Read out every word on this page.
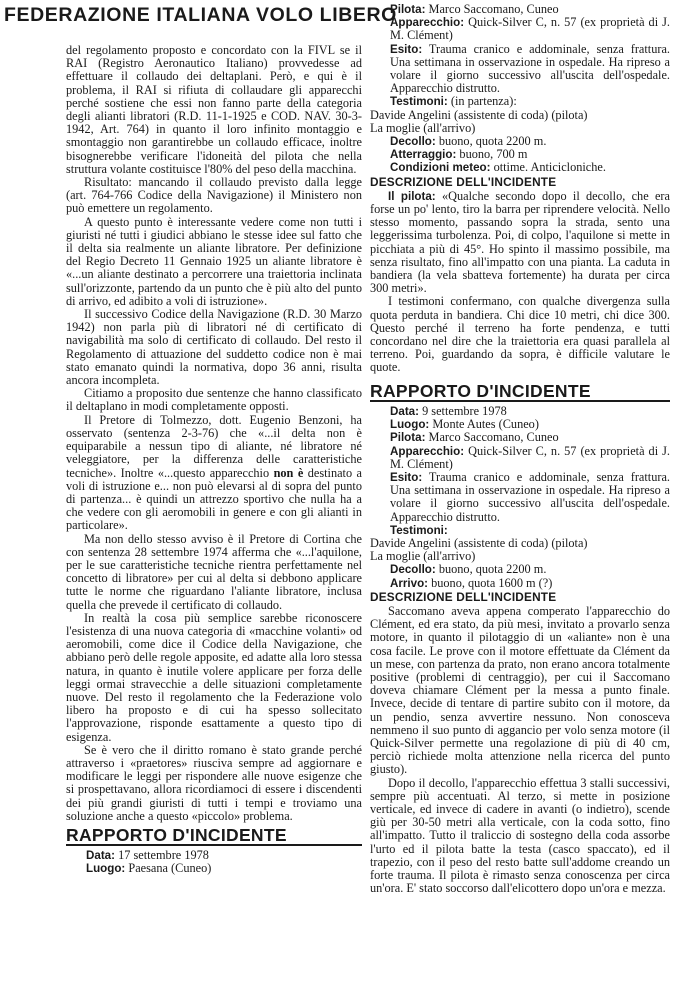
FEDERAZIONE ITALIANA VOLO LIBERO

del regolamento proposto e concordato con la FIVL se il RAI (Registro Aeronautico Italiano) provvedesse ad effettuare il collaudo dei deltaplani. Però, e qui è il problema, il RAI si rifiuta di collaudare gli apparecchi perché sostiene che essi non fanno parte della categoria degli alianti libratori (R.D. 11-1-1925 e COD. NAV. 30-3-1942, Art. 764) in quanto il loro infinito montaggio e smontaggio non garantirebbe un collaudo efficace, inoltre bisognerebbe verificare l'idoneità del pilota che nella struttura volante costituisce l'80% del peso della macchina.

Risultato: mancando il collaudo previsto dalla legge (art. 764-766 Codice della Navigazione) il Ministero non può emettere un regolamento.

A questo punto è interessante vedere come non tutti i giuristi né tutti i giudici abbiano le stesse idee sul fatto che il delta sia realmente un aliante libratore. Per definizione del Regio Decreto 11 Gennaio 1925 un aliante libratore è «...un aliante destinato a percorrere una traiettoria inclinata sull'orizzonte, partendo da un punto che è più alto del punto di arrivo, ed adibito a voli di istruzione».

Il successivo Codice della Navigazione (R.D. 30 Marzo 1942) non parla più di libratori né di certificato di navigabilità ma solo di certificato di collaudo. Del resto il Regolamento di attuazione del suddetto codice non è mai stato emanato quindi la normativa, dopo 36 anni, risulta ancora incompleta.

Citiamo a proposito due sentenze che hanno classificato il deltaplano in modi completamente opposti.

Il Pretore di Tolmezzo, dott. Eugenio Benzoni, ha osservato (sentenza 2-3-76) che «...il delta non è equiparabile a nessun tipo di aliante, né libratore né veleggiatore, per la differenza delle caratteristiche tecniche». Inoltre «...questo apparecchio non è destinato a voli di istruzione e... non può elevarsi al di sopra del punto di partenza... è quindi un attrezzo sportivo che nulla ha a che vedere con gli aeromobili in genere e con gli alianti in particolare».

Ma non dello stesso avviso è il Pretore di Cortina che con sentenza 28 settembre 1974 afferma che «...l'aquilone, per le sue caratteristiche tecniche rientra perfettamente nel concetto di libratore» per cui al delta si debbono applicare tutte le norme che riguardano l'aliante libratore, inclusa quella che prevede il certificato di collaudo.

In realtà la cosa più semplice sarebbe riconoscere l'esistenza di una nuova categoria di «macchine volanti» od aeromobili, come dice il Codice della Navigazione, che abbiano però delle regole apposite, ed adatte alla loro stessa natura, in quanto è inutile volere applicare per forza delle leggi ormai stravecchie a delle situazioni completamente nuove. Del resto il regolamento che la Federazione volo libero ha proposto e di cui ha spesso sollecitato l'approvazione, risponde esattamente a questo tipo di esigenza.

Se è vero che il diritto romano è stato grande perché attraverso i «praetores» riusciva sempre ad aggiornare e modificare le leggi per rispondere alle nuove esigenze che si prospettavano, allora ricordiamoci di essere i discendenti dei più grandi giuristi di tutti i tempi e troviamo una soluzione anche a questo «piccolo» problema.

RAPPORTO D'INCIDENTE

Data: 17 settembre 1978

Luogo: Paesana (Cuneo)

Pilota: Marco Saccomano, Cuneo

Apparecchio: Quick-Silver C, n. 57 (ex proprietà di J. M. Clément)

Esito: Trauma cranico e addominale, senza frattura. Una settimana in osservazione in ospedale. Ha ripreso a volare il giorno successivo all'uscita dell'ospedale. Apparecchio distrutto.

Testimoni: (in partenza):

Davide Angelini (assistente di coda) (pilota)

La moglie (all'arrivo)

Decollo: buono, quota 2200 m.

Atterraggio: buono, 700 m

Condizioni meteo: ottime. Anticicloniche.

DESCRIZIONE DELL'INCIDENTE

Il pilota: «Qualche secondo dopo il decollo, che era forse un po' lento, tiro la barra per riprendere velocità. Nello stesso momento, passando sopra la strada, sento una leggerissima turbolenza. Poi, di colpo, l'aquilone si mette in picchiata a più di 45°. Ho spinto il massimo possibile, ma senza risultato, fino all'impatto con una pianta. La caduta in bandiera (la vela sbatteva fortemente) ha durata per circa 300 metri».

I testimoni confermano, con qualche divergenza sulla quota perduta in bandiera. Chi dice 10 metri, chi dice 300. Questo perché il terreno ha forte pendenza, e tutti concordano nel dire che la traiettoria era quasi parallela al terreno. Poi, guardando da sopra, è difficile valutare le quote.

RAPPORTO D'INCIDENTE

Data: 9 settembre 1978

Luogo: Monte Autes (Cuneo)

Pilota: Marco Saccomano, Cuneo

Apparecchio: Quick-Silver C, n. 57 (ex proprietà di J. M. Clément)

Esito: Trauma cranico e addominale, senza frattura. Una settimana in osservazione in ospedale. Ha ripreso a volare il giorno successivo all'uscita dell'ospedale. Apparecchio distrutto.

Testimoni:

Davide Angelini (assistente di coda) (pilota)

La moglie (all'arrivo)

Decollo: buono, quota 2200 m.

Arrivo: buono, quota 1600 m (?)

DESCRIZIONE DELL'INCIDENTE

Saccomano aveva appena comperato l'apparecchio do Clément, ed era stato, da più mesi, invitato a provarlo senza motore, in quanto il pilotaggio di un «aliante» non è una cosa facile. Le prove con il motore effettuate da Clément da un mese, con partenza da prato, non erano ancora totalmente positive (problemi di centraggio), per cui il Saccomano doveva chiamare Clément per la messa a punto finale. Invece, decide di tentare di partire subito con il motore, da un pendio, senza avvertire nessuno. Non conosceva nemmeno il suo punto di aggancio per volo senza motore (il Quick-Silver permette una regolazione di più di 40 cm, perciò richiede molta attenzione nella ricerca del punto giusto).

Dopo il decollo, l'apparecchio effettua 3 stalli successivi, sempre più accentuati. Al terzo, si mette in posizione verticale, ed invece di cadere in avanti (o indietro), scende giù per 30-50 metri alla verticale, con la coda sotto, fino all'impatto. Tutto il traliccio di sostegno della coda assorbe l'urto ed il pilota batte la testa (casco spaccato), ed il trapezio, con il peso del resto batte sull'addome creando un forte trauma. Il pilota è rimasto senza conoscenza per circa un'ora. E' stato soccorso dall'elicottero dopo un'ora e mezza.
